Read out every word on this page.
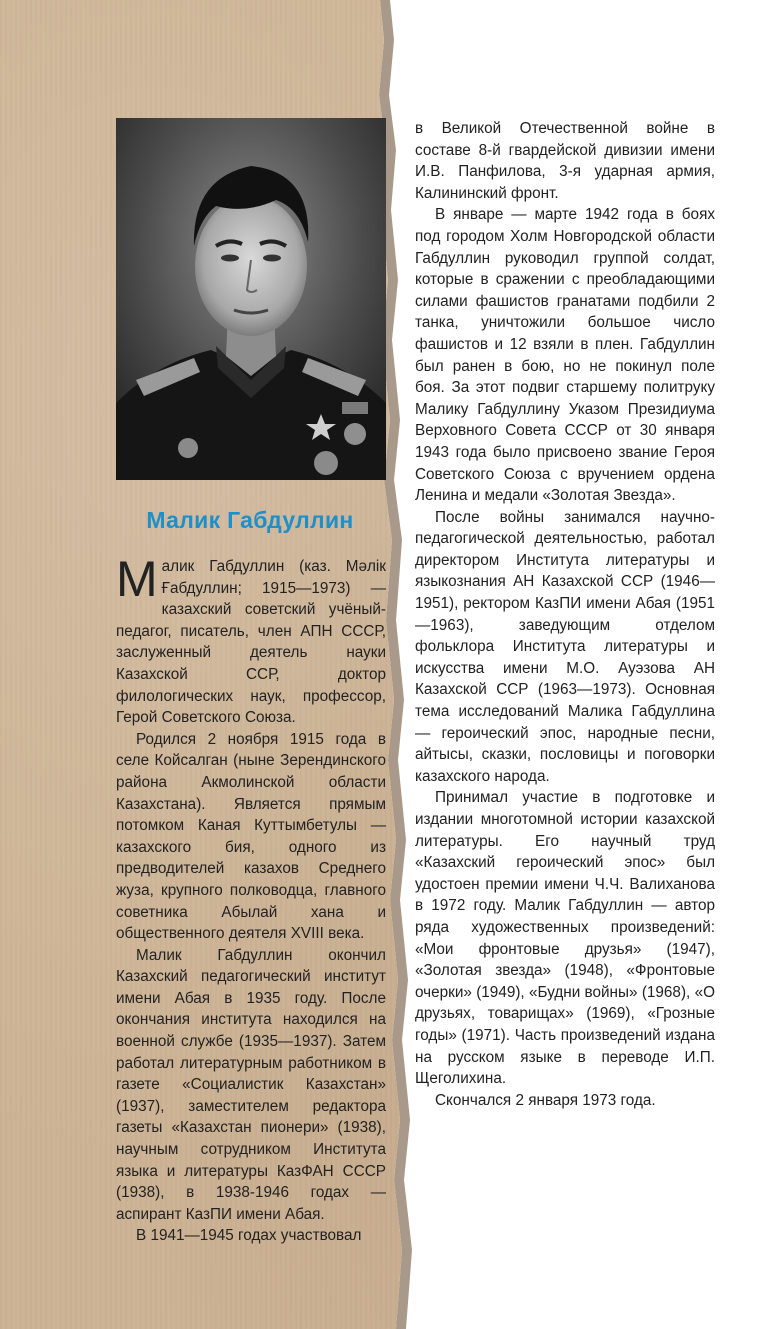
Малик Габдуллин

Малик Габдуллин (каз. Мәлік Ғабдуллин; 1915—1973) — казахский советский учёный-педагог, писатель, член АПН СССР, заслуженный деятель науки Казахской ССР, доктор филологических наук, профессор, Герой Советского Союза.

Родился 2 ноября 1915 года в селе Койсалган (ныне Зерендинского района Акмолинской области Казахстана). Является прямым потомком Каная Куттымбетулы — казахского бия, одного из предводителей казахов Среднего жуза, крупного полководца, главного советника Абылай хана и общественного деятеля XVIII века.

Малик Габдуллин окончил Казахский педагогический институт имени Абая в 1935 году. После окончания института находился на военной службе (1935—1937). Затем работал литературным работником в газете «Социалистик Казахстан» (1937), заместителем редактора газеты «Казахстан пионери» (1938), научным сотрудником Института языка и литературы КазФАН СССР (1938), в 1938-1946 годах — аспирант КазПИ имени Абая.

В 1941—1945 годах участвовал

в Великой Отечественной войне в составе 8-й гвардейской дивизии имени И.В. Панфилова, 3-я ударная армия, Калининский фронт.

В январе — марте 1942 года в боях под городом Холм Новгородской области Габдуллин руководил группой солдат, которые в сражении с преобладающими силами фашистов гранатами подбили 2 танка, уничтожили большое число фашистов и 12 взяли в плен. Габдуллин был ранен в бою, но не покинул поле боя. За этот подвиг старшему политруку Малику Габдуллину Указом Президиума Верховного Совета СССР от 30 января 1943 года было присвоено звание Героя Советского Союза с вручением ордена Ленина и медали «Золотая Звезда».

После войны занимался научно-педагогической деятельностью, работал директором Института литературы и языкознания АН Казахской ССР (1946—1951), ректором КазПИ имени Абая (1951—1963), заведующим отделом фольклора Института литературы и искусства имени М.О. Ауэзова АН Казахской ССР (1963—1973). Основная тема исследований Малика Габдуллина — героический эпос, народные песни, айтысы, сказки, пословицы и поговорки казахского народа.

Принимал участие в подготовке и издании многотомной истории казахской литературы. Его научный труд «Казахский героический эпос» был удостоен премии имени Ч.Ч. Валиханова в 1972 году. Малик Габдуллин — автор ряда художественных произведений: «Мои фронтовые друзья» (1947), «Золотая звезда» (1948), «Фронтовые очерки» (1949), «Будни войны» (1968), «О друзьях, товарищах» (1969), «Грозные годы» (1971). Часть произведений издана на русском языке в переводе И.П. Щеголихина.

Скончался 2 января 1973 года.
